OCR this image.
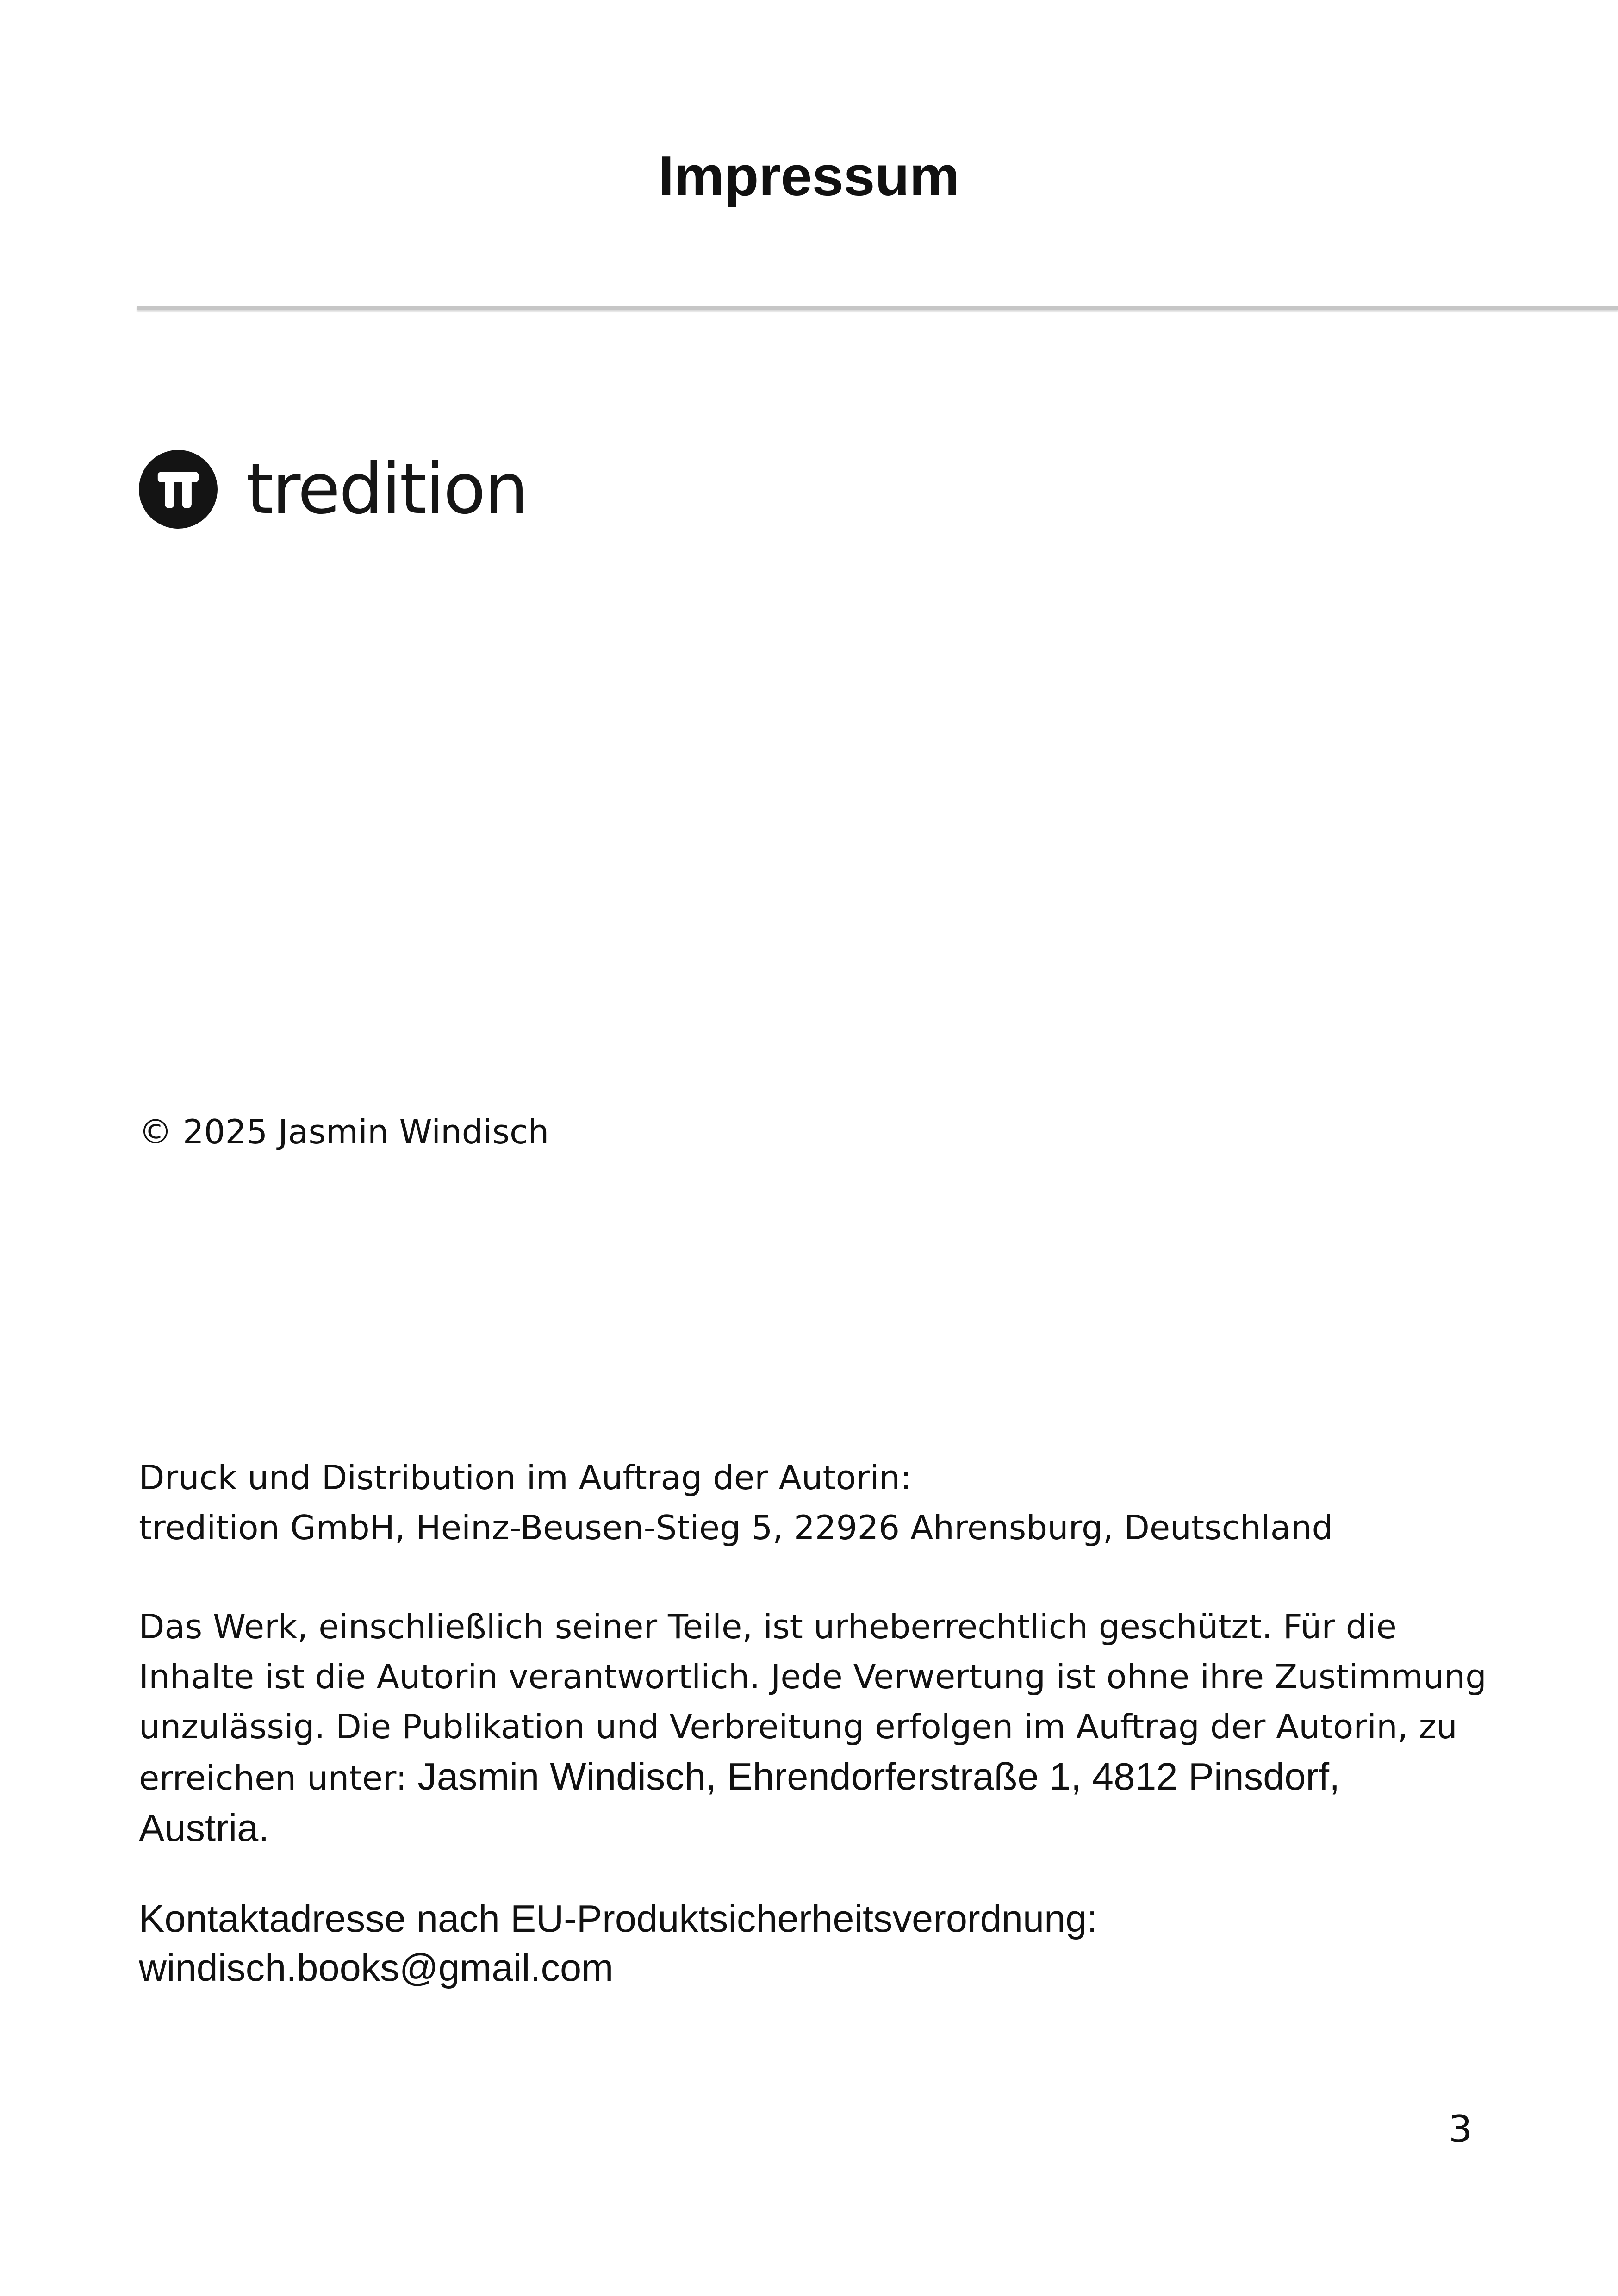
Impressum
tredition
© 2025 Jasmin Windisch
Druck und Distribution im Auftrag der Autorin:
tredition GmbH, Heinz-Beusen-Stieg 5, 22926 Ahrensburg, Deutschland
Das Werk, einschließlich seiner Teile, ist urheberrechtlich geschützt. Für die
Inhalte ist die Autorin verantwortlich. Jede Verwertung ist ohne ihre Zustimmung
unzulässig. Die Publikation und Verbreitung erfolgen im Auftrag der Autorin, zu
erreichen unter: Jasmin Windisch, Ehrendorferstraße 1, 4812 Pinsdorf,
Austria.
Kontaktadresse nach EU-Produktsicherheitsverordnung:
windisch.books@gmail.com
3
